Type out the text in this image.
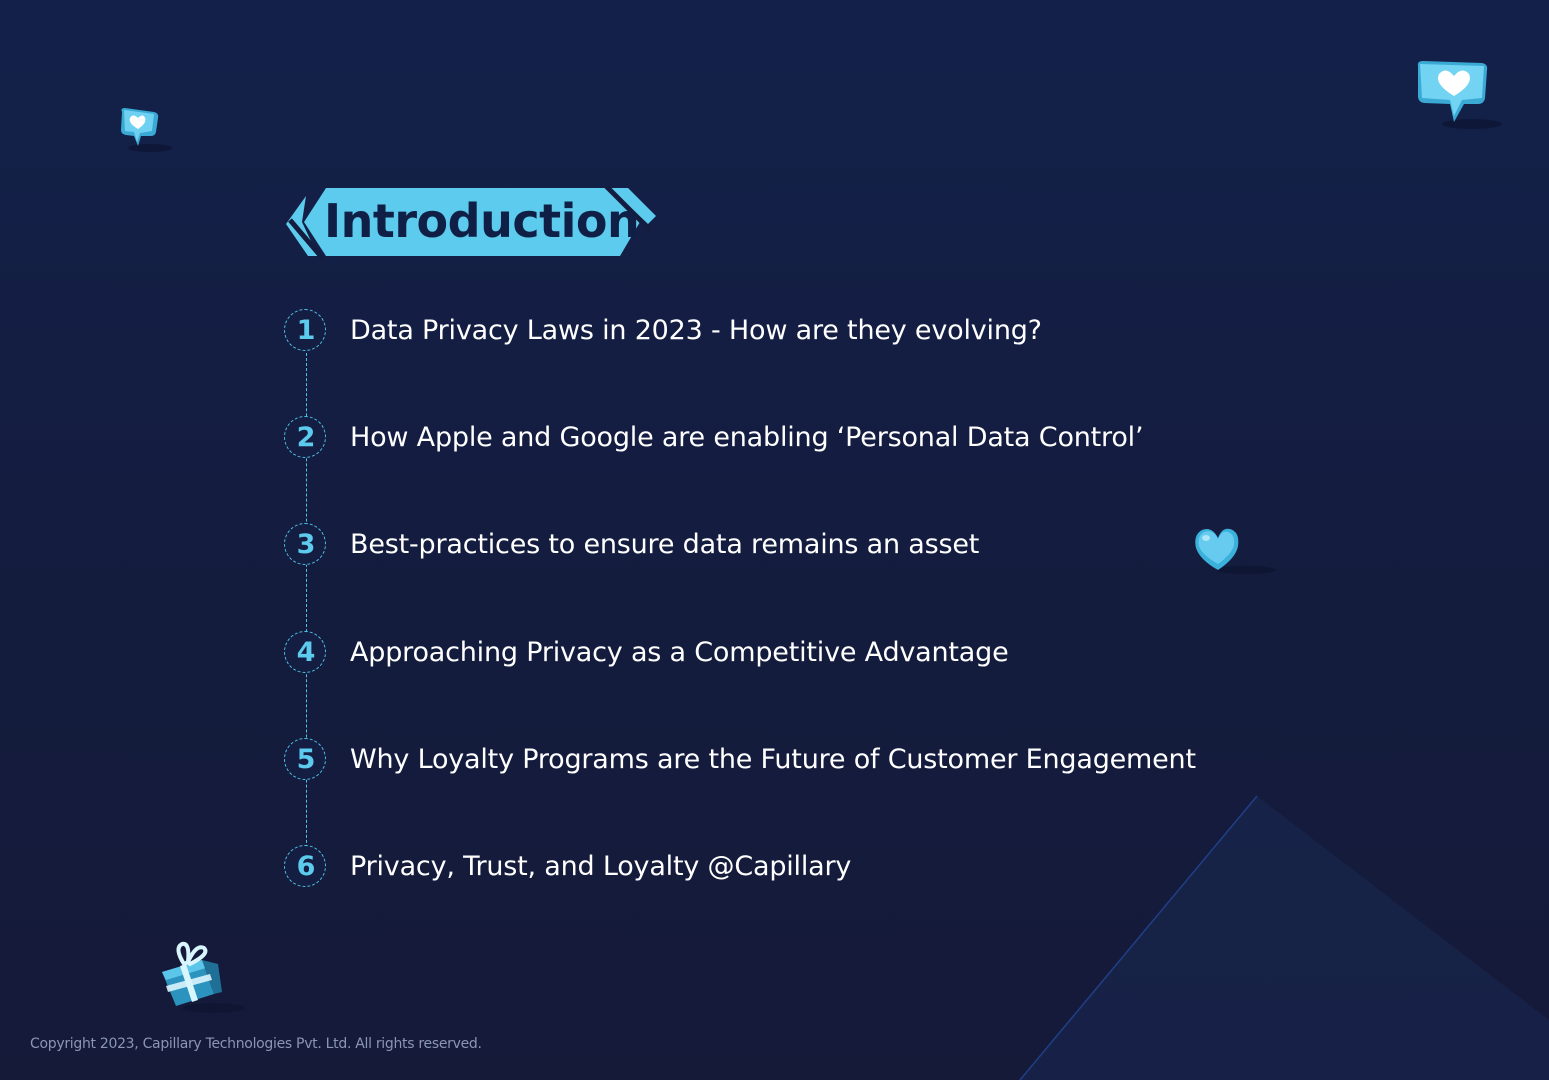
Introduction
1	Data Privacy Laws in 2023 - How are they evolving?
2	How Apple and Google are enabling ‘Personal Data Control’
3	Best-practices to ensure data remains an asset
4	Approaching Privacy as a Competitive Advantage
5	Why Loyalty Programs are the Future of Customer Engagement
6	Privacy, Trust, and Loyalty @Capillary
Copyright 2023, Capillary Technologies Pvt. Ltd. All rights reserved.
